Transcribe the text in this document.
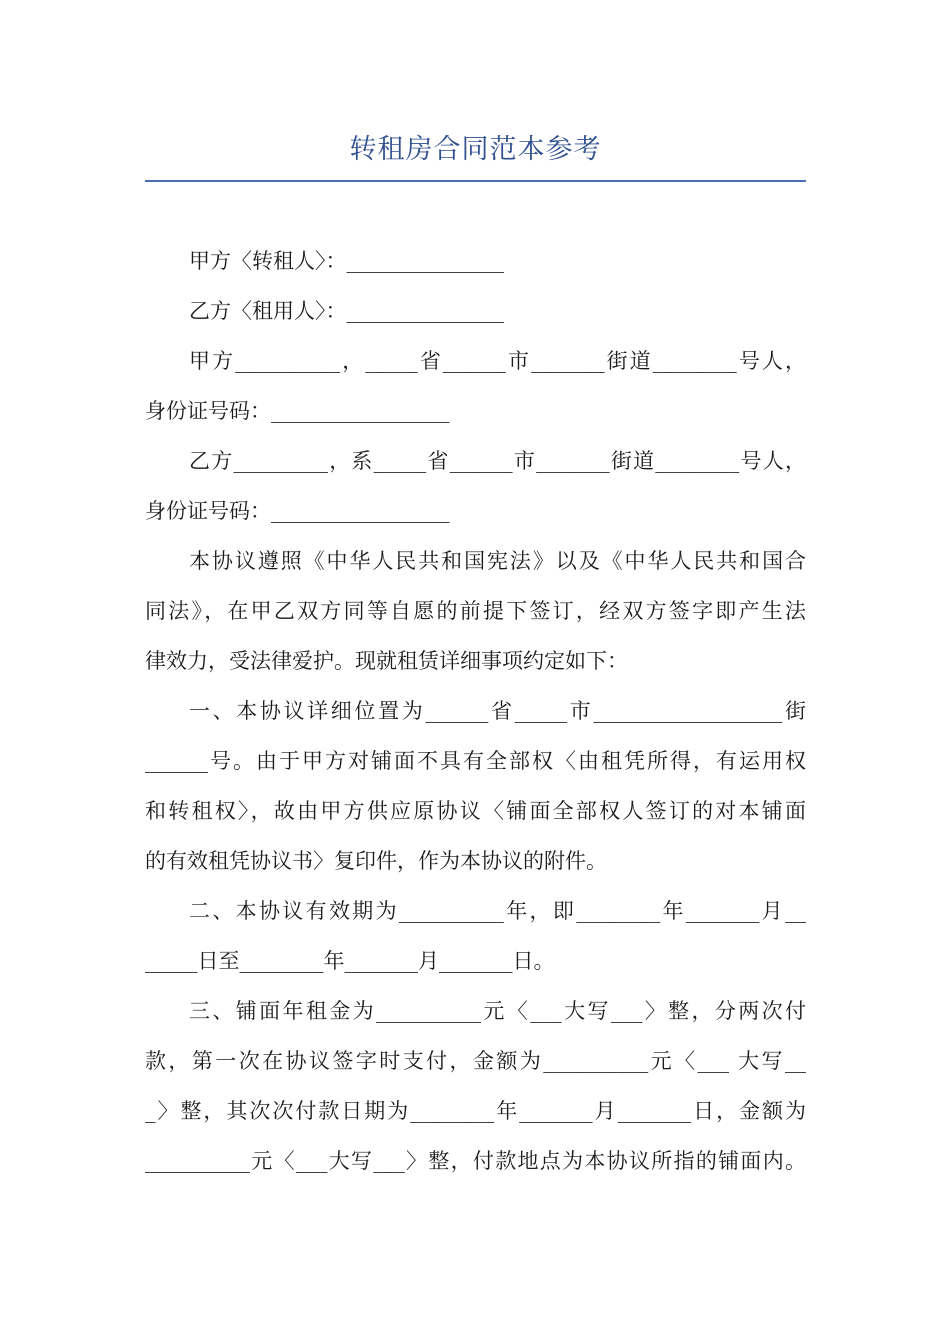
转租房合同范本参考
甲方〈转租人〉：_______________
乙方〈租用人〉：_______________
甲方__________，_____省______市_______街道________号人，
身份证号码：_________________
乙方_________，系_____省______市_______街道________号人，
身份证号码：_________________
本协议遵照《中华人民共和国宪法》以及《中华人民共和国合
同法》，在甲乙双方同等自愿的前提下签订，经双方签字即产生法
律效力，受法律爱护。现就租赁详细事项约定如下：
一、本协议详细位置为______省_____市__________________街
______号。由于甲方对铺面不具有全部权〈由租凭所得，有运用权
和转租权〉，故由甲方供应原协议〈铺面全部权人签订的对本铺面
的有效租凭协议书〉复印件，作为本协议的附件。
二、本协议有效期为__________年，即________年_______月__
_____日至________年_______月_______日。
三、铺面年租金为__________元〈___大写___〉整，分两次付
款，第一次在协议签字时支付，金额为__________元〈___ 大写__
_〉整，其次次付款日期为________年_______月_______日，金额为
__________元〈___大写___〉整，付款地点为本协议所指的铺面内。
